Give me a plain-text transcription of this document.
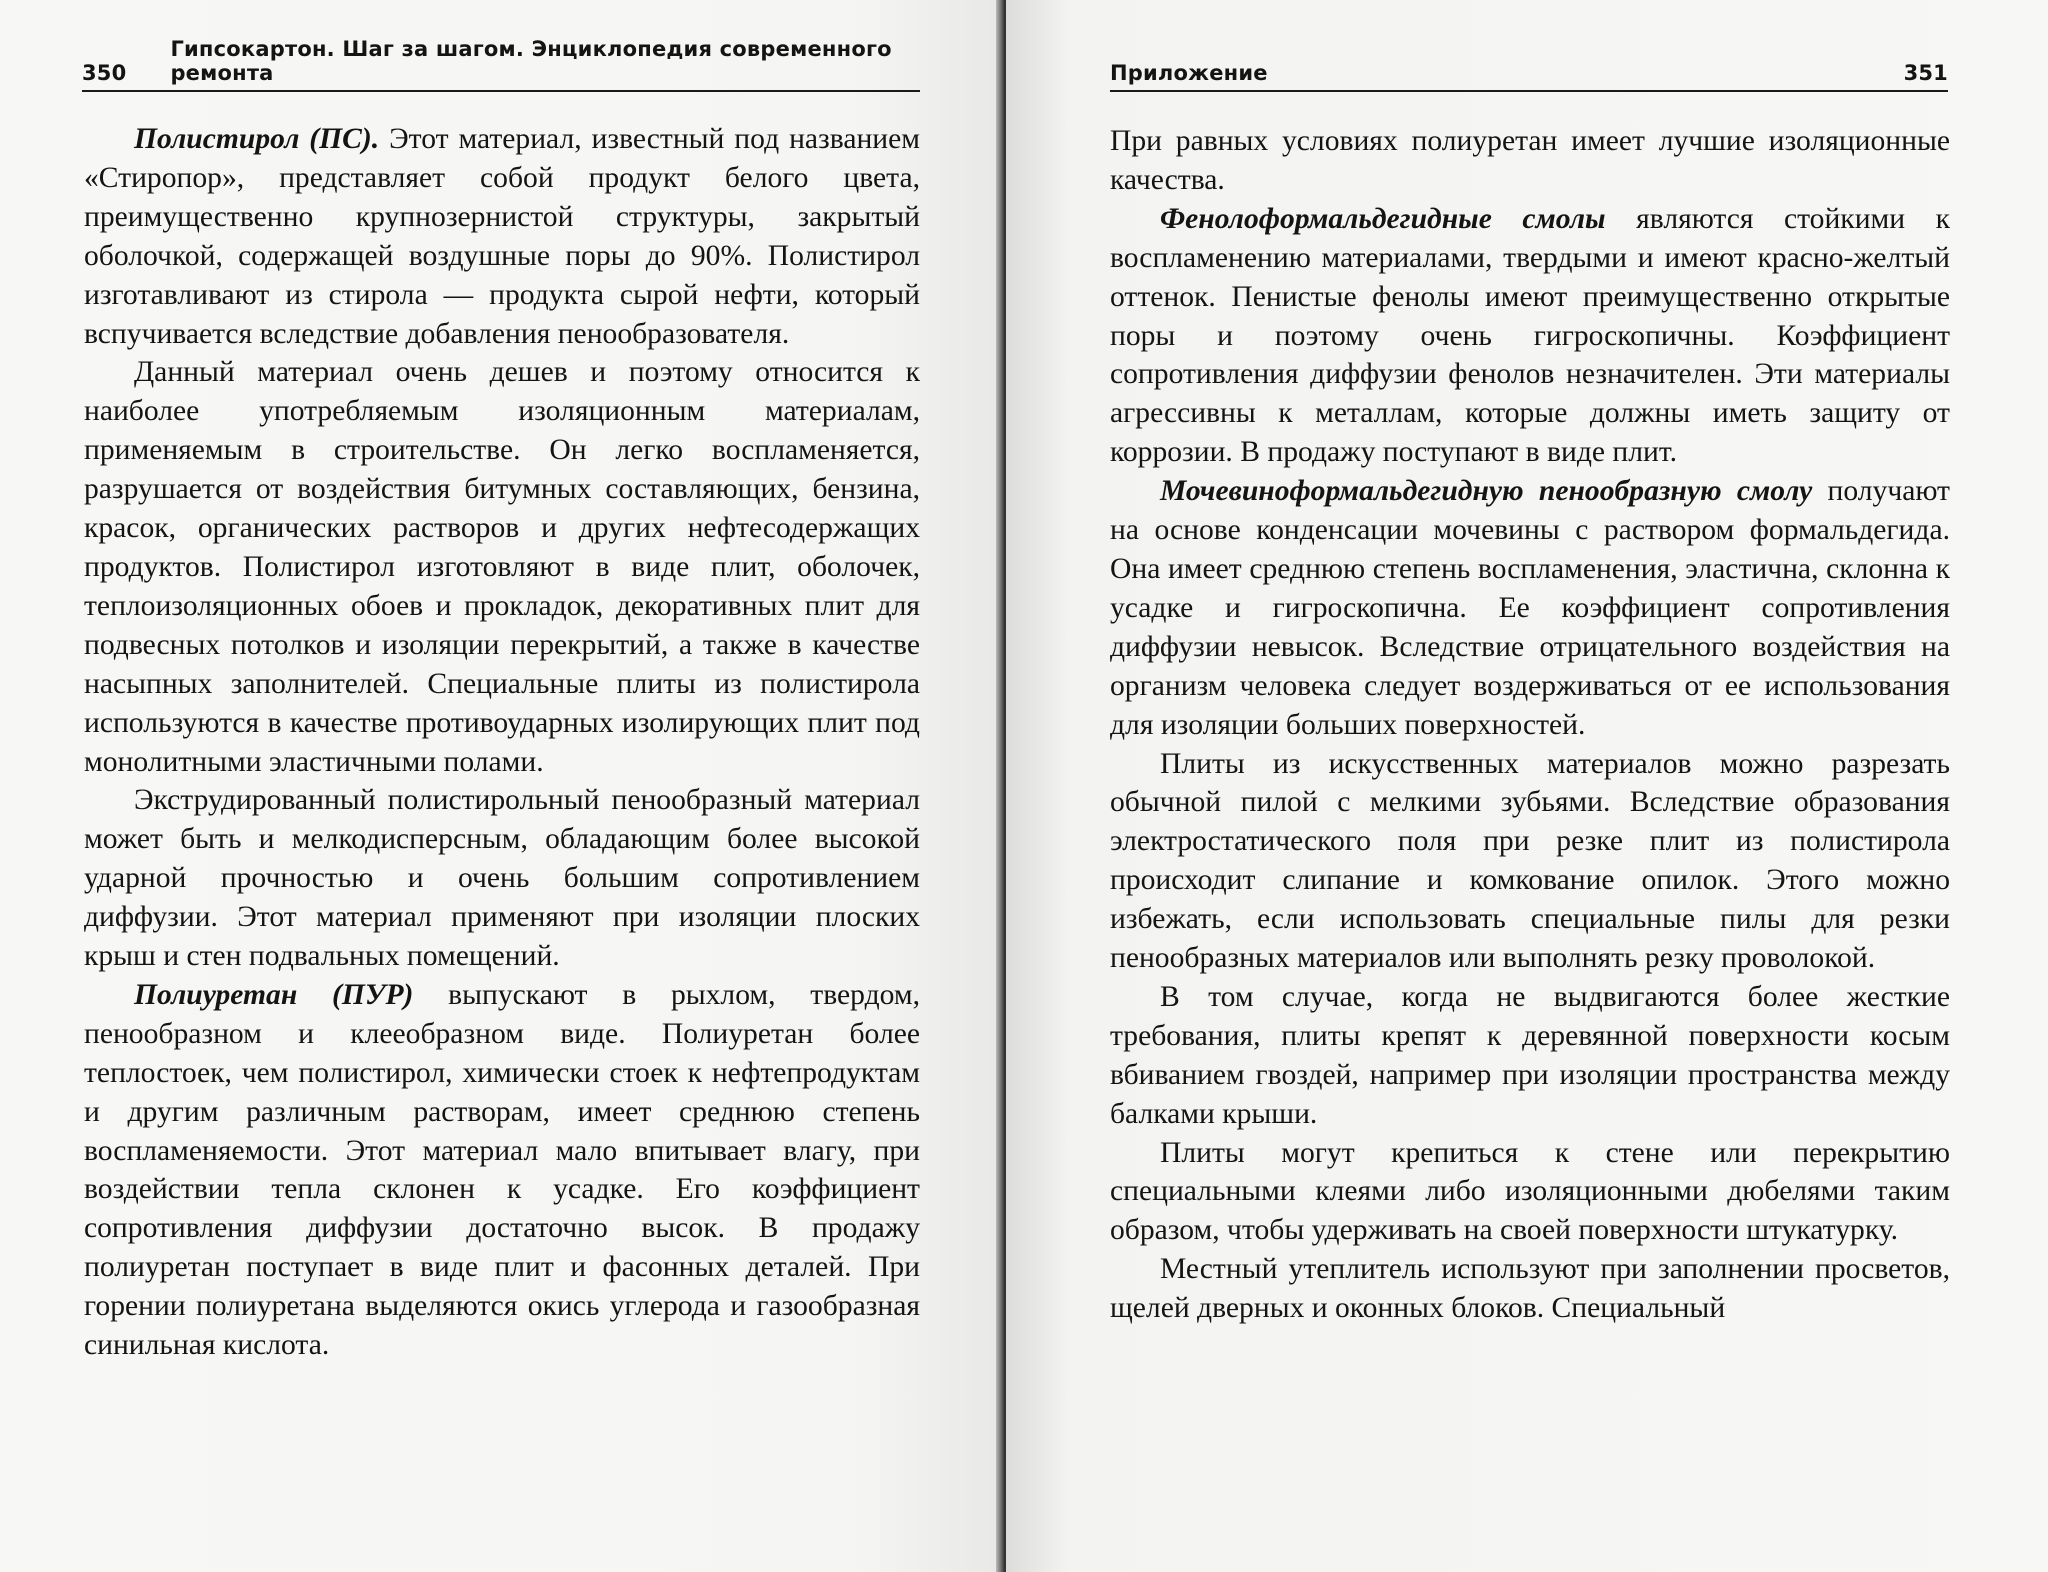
350
Гипсокартон. Шаг за шагом. Энциклопедия современного ремонта

Полистирол (ПС). Этот материал, известный под названием «Стиропор», представляет собой продукт белого цвета, преимущественно крупнозернистой структуры, закрытый оболочкой, содержащей воздушные поры до 90%. Полистирол изготавливают из стирола — продукта сырой нефти, который вспучивается вследствие добавления пенообразователя.

Данный материал очень дешев и поэтому относится к наиболее употребляемым изоляционным материалам, применяемым в строительстве. Он легко воспламеняется, разрушается от воздействия битумных составляющих, бензина, красок, органических растворов и других нефтесодержащих продуктов. Полистирол изготовляют в виде плит, оболочек, теплоизоляционных обоев и прокладок, декоративных плит для подвесных потолков и изоляции перекрытий, а также в качестве насыпных заполнителей. Специальные плиты из полистирола используются в качестве противоударных изолирующих плит под монолитными эластичными полами.

Экструдированный полистирольный пенообразный материал может быть и мелкодисперсным, обладающим более высокой ударной прочностью и очень большим сопротивлением диффузии. Этот материал применяют при изоляции плоских крыш и стен подвальных помещений.

Полиуретан (ПУР) выпускают в рыхлом, твердом, пенообразном и клееобразном виде. Полиуретан более теплостоек, чем полистирол, химически стоек к нефтепродуктам и другим различным растворам, имеет среднюю степень воспламеняемости. Этот материал мало впитывает влагу, при воздействии тепла склонен к усадке. Его коэффициент сопротивления диффузии достаточно высок. В продажу полиуретан поступает в виде плит и фасонных деталей. При горении полиуретана выделяются окись углерода и газообразная синильная кислота.

Приложение	351

При равных условиях полиуретан имеет лучшие изоляционные качества.

Фенолоформальдегидные смолы являются стойкими к воспламенению материалами, твердыми и имеют красно-желтый оттенок. Пенистые фенолы имеют преимущественно открытые поры и поэтому очень гигроскопичны. Коэффициент сопротивления диффузии фенолов незначителен. Эти материалы агрессивны к металлам, которые должны иметь защиту от коррозии. В продажу поступают в виде плит.

Мочевиноформальдегидную пенообразную смолу получают на основе конденсации мочевины с раствором формальдегида. Она имеет среднюю степень воспламенения, эластична, склонна к усадке и гигроскопична. Ее коэффициент сопротивления диффузии невысок. Вследствие отрицательного воздействия на организм человека следует воздерживаться от ее использования для изоляции больших поверхностей.

Плиты из искусственных материалов можно разрезать обычной пилой с мелкими зубьями. Вследствие образования электростатического поля при резке плит из полистирола происходит слипание и комкование опилок. Этого можно избежать, если использовать специальные пилы для резки пенообразных материалов или выполнять резку проволокой.

В том случае, когда не выдвигаются более жесткие требования, плиты крепят к деревянной поверхности косым вбиванием гвоздей, например при изоляции пространства между балками крыши.

Плиты могут крепиться к стене или перекрытию специальными клеями либо изоляционными дюбелями таким образом, чтобы удерживать на своей поверхности штукатурку.

Местный утеплитель используют при заполнении просветов, щелей дверных и оконных блоков. Специальный
